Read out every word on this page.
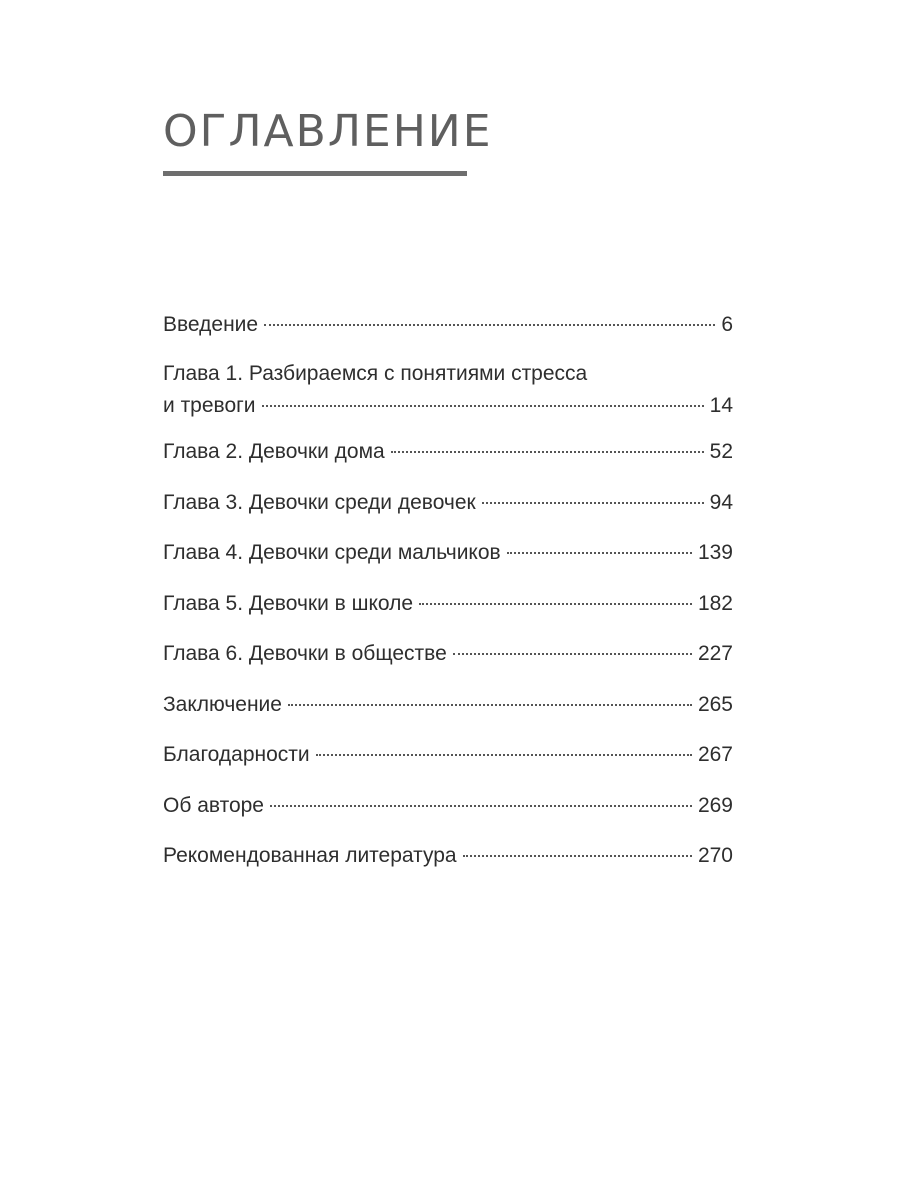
ОГЛАВЛЕНИЕ
Введение	6
Глава 1. Разбираемся с понятиями стресса
и тревоги	14
Глава 2. Девочки дома	52
Глава 3. Девочки среди девочек	94
Глава 4. Девочки среди мальчиков	139
Глава 5. Девочки в школе	182
Глава 6. Девочки в обществе	227
Заключение	265
Благодарности	267
Об авторе	269
Рекомендованная литература	270
